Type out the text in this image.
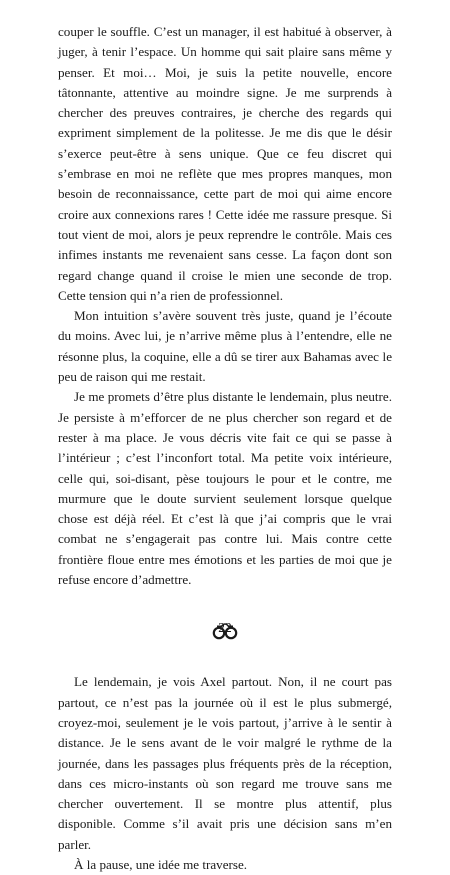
couper le souffle. C’est un manager, il est habitué à observer, à juger, à tenir l’espace. Un homme qui sait plaire sans même y penser. Et moi… Moi, je suis la petite nouvelle, encore tâtonnante, attentive au moindre signe. Je me surprends à chercher des preuves contraires, je cherche des regards qui expriment simplement de la politesse. Je me dis que le désir s’exerce peut-être à sens unique. Que ce feu discret qui s’embrase en moi ne reflète que mes propres manques, mon besoin de reconnaissance, cette part de moi qui aime encore croire aux connexions rares ! Cette idée me rassure presque. Si tout vient de moi, alors je peux reprendre le contrôle. Mais ces infimes instants me revenaient sans cesse. La façon dont son regard change quand il croise le mien une seconde de trop. Cette tension qui n’a rien de professionnel.

Mon intuition s’avère souvent très juste, quand je l’écoute du moins. Avec lui, je n’arrive même plus à l’entendre, elle ne résonne plus, la coquine, elle a dû se tirer aux Bahamas avec le peu de raison qui me restait.

Je me promets d’être plus distante le lendemain, plus neutre. Je persiste à m’efforcer de ne plus chercher son regard et de rester à ma place. Je vous décris vite fait ce qui se passe à l’intérieur ; c’est l’inconfort total. Ma petite voix intérieure, celle qui, soi-disant, pèse toujours le pour et le contre, me murmure que le doute survient seulement lorsque quelque chose est déjà réel. Et c’est là que j’ai compris que le vrai combat ne s’engagerait pas contre lui. Mais contre cette frontière floue entre mes émotions et les parties de moi que je refuse encore d’admettre.

Le lendemain, je vois Axel partout. Non, il ne court pas partout, ce n’est pas la journée où il est le plus submergé, croyez-moi, seulement je le vois partout, j’arrive à le sentir à distance. Je le sens avant de le voir malgré le rythme de la journée, dans les passages plus fréquents près de la réception, dans ces micro-instants où son regard me trouve sans me chercher ouvertement. Il se montre plus attentif, plus disponible. Comme s’il avait pris une décision sans m’en parler.

À la pause, une idée me traverse.

22
